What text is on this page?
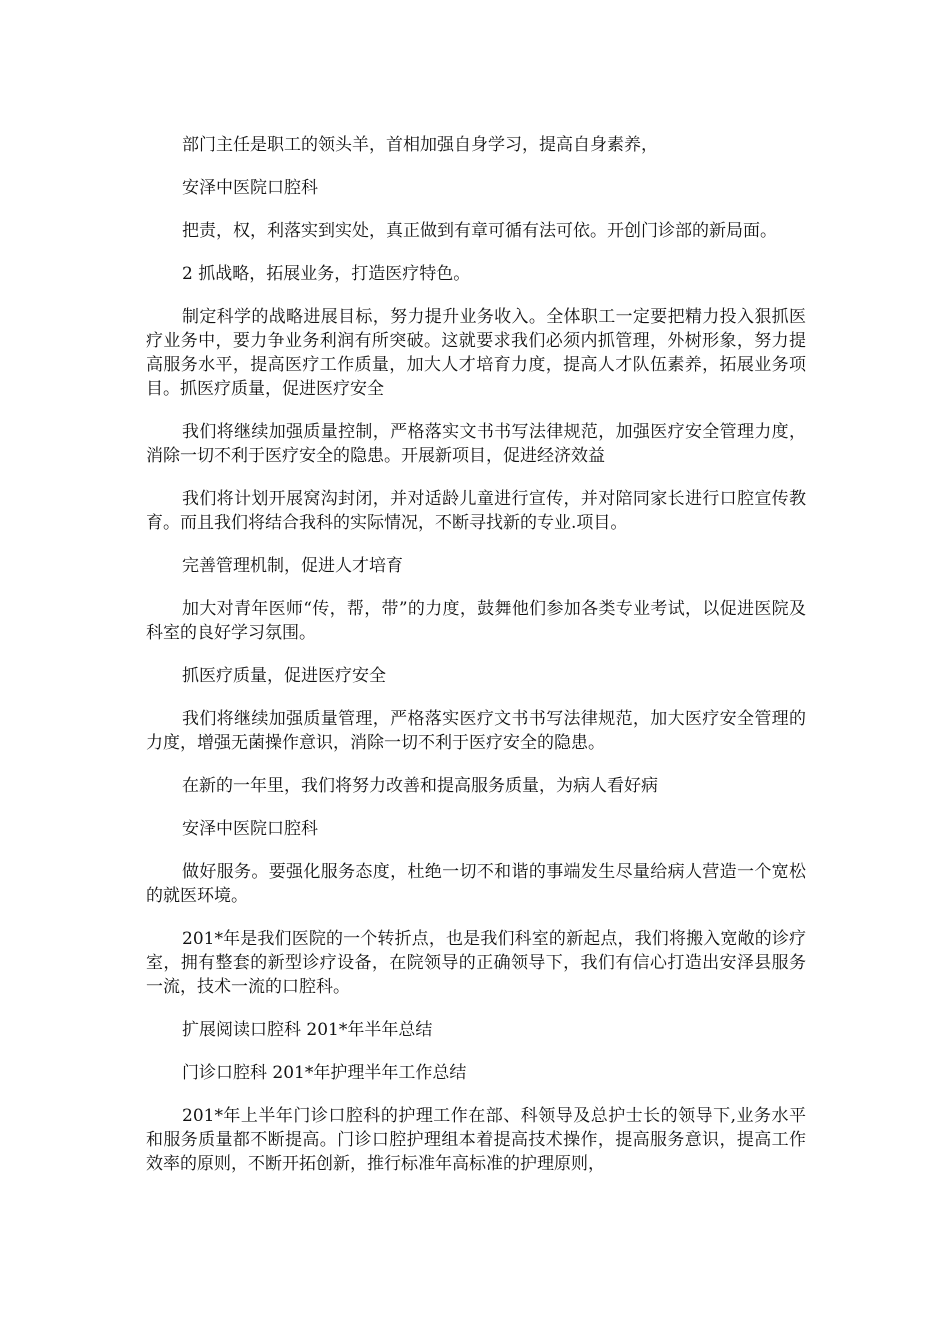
部门主任是职工的领头羊，首相加强自身学习，提高自身素养，

安泽中医院口腔科

把责，权，利落实到实处，真正做到有章可循有法可依。开创门诊部的新局面。

2 抓战略，拓展业务，打造医疗特色。

制定科学的战略进展目标，努力提升业务收入。全体职工一定要把精力投入狠抓医疗业务中，要力争业务利润有所突破。这就要求我们必须内抓管理，外树形象，努力提高服务水平，提高医疗工作质量，加大人才培育力度，提高人才队伍素养，拓展业务项目。抓医疗质量，促进医疗安全

我们将继续加强质量控制，严格落实文书书写法律规范，加强医疗安全管理力度，消除一切不利于医疗安全的隐患。开展新项目，促进经济效益

我们将计划开展窝沟封闭，并对适龄儿童进行宣传，并对陪同家长进行口腔宣传教育。而且我们将结合我科的实际情况，不断寻找新的专业.项目。

完善管理机制，促进人才培育

加大对青年医师“传，帮，带”的力度，鼓舞他们参加各类专业考试，以促进医院及科室的良好学习氛围。

抓医疗质量，促进医疗安全

我们将继续加强质量管理，严格落实医疗文书书写法律规范，加大医疗安全管理的力度，增强无菌操作意识，消除一切不利于医疗安全的隐患。

在新的一年里，我们将努力改善和提高服务质量，为病人看好病

安泽中医院口腔科

做好服务。要强化服务态度，杜绝一切不和谐的事端发生尽量给病人营造一个宽松的就医环境。

201*年是我们医院的一个转折点，也是我们科室的新起点，我们将搬入宽敞的诊疗室，拥有整套的新型诊疗设备，在院领导的正确领导下，我们有信心打造出安泽县服务一流，技术一流的口腔科。

扩展阅读口腔科 201*年半年总结

门诊口腔科 201*年护理半年工作总结

201*年上半年门诊口腔科的护理工作在部、科领导及总护士长的领导下,业务水平和服务质量都不断提高。门诊口腔护理组本着提高技术操作，提高服务意识，提高工作效率的原则，不断开拓创新，推行标准年高标准的护理原则，
